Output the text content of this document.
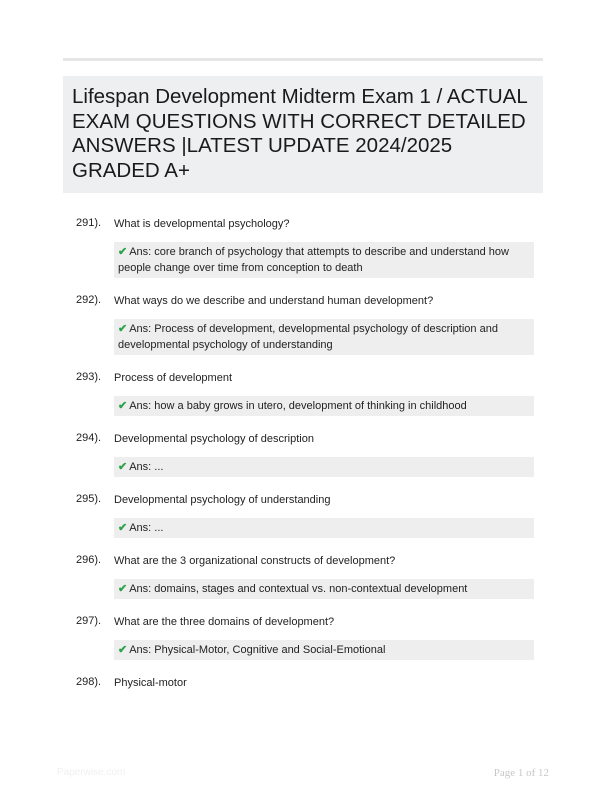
Lifespan Development Midterm Exam 1 / ACTUAL EXAM QUESTIONS WITH CORRECT DETAILED ANSWERS |LATEST UPDATE 2024/2025 GRADED A+
291). What is developmental psychology?
✔ Ans: core branch of psychology that attempts to describe and understand how people change over time from conception to death
292). What ways do we describe and understand human development?
✔ Ans: Process of development, developmental psychology of description and developmental psychology of understanding
293). Process of development
✔ Ans: how a baby grows in utero, development of thinking in childhood
294). Developmental psychology of description
✔ Ans: ...
295). Developmental psychology of understanding
✔ Ans: ...
296). What are the 3 organizational constructs of development?
✔ Ans: domains, stages and contextual vs. non-contextual development
297). What are the three domains of development?
✔ Ans: Physical-Motor, Cognitive and Social-Emotional
298). Physical-motor
Paperwise.com	Page 1 of 12
